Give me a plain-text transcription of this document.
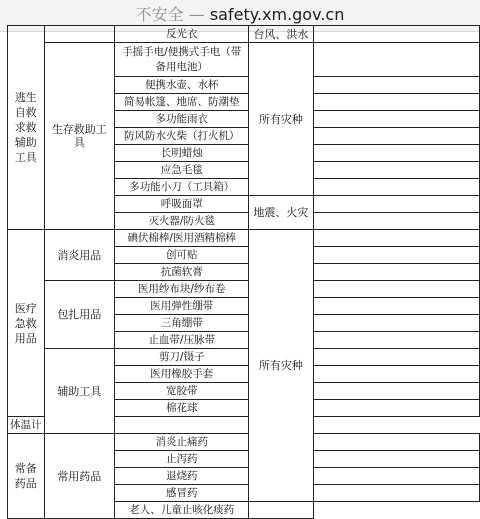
不安全 — safety.xm.gov.cn
逃生自救求救辅助工具		反光衣	台风、洪水	
	生存救助工具	手摇手电/便携式手电（带备用电池）	所有灾种	
		便携水壶、水杯		
		简易帐篷、地席、防潮垫		
		多功能雨衣		
		防风防水火柴（打火机）		
		长明蜡烛		
		应急毛毯		
		多功能小刀（工具箱）		
		呼吸面罩	地震、火灾	
		灭火器/防火毯		
医疗急救用品	消炎用品	碘伏棉棒/医用酒精棉棒	所有灾种	
		创可贴		
		抗菌软膏		
	包扎用品	医用纱布块/纱布卷		
		医用弹性绷带		
		三角绷带		
		止血带/压脉带		
	辅助工具	剪刀/镊子		
		医用橡胶手套		
		宽胶带		
		棉花球		
体温计				
常备药品	常用药品	消炎止痛药		
		止泻药		
		退烧药		
		感冒药		
		老人、儿童止咳化痰药		
